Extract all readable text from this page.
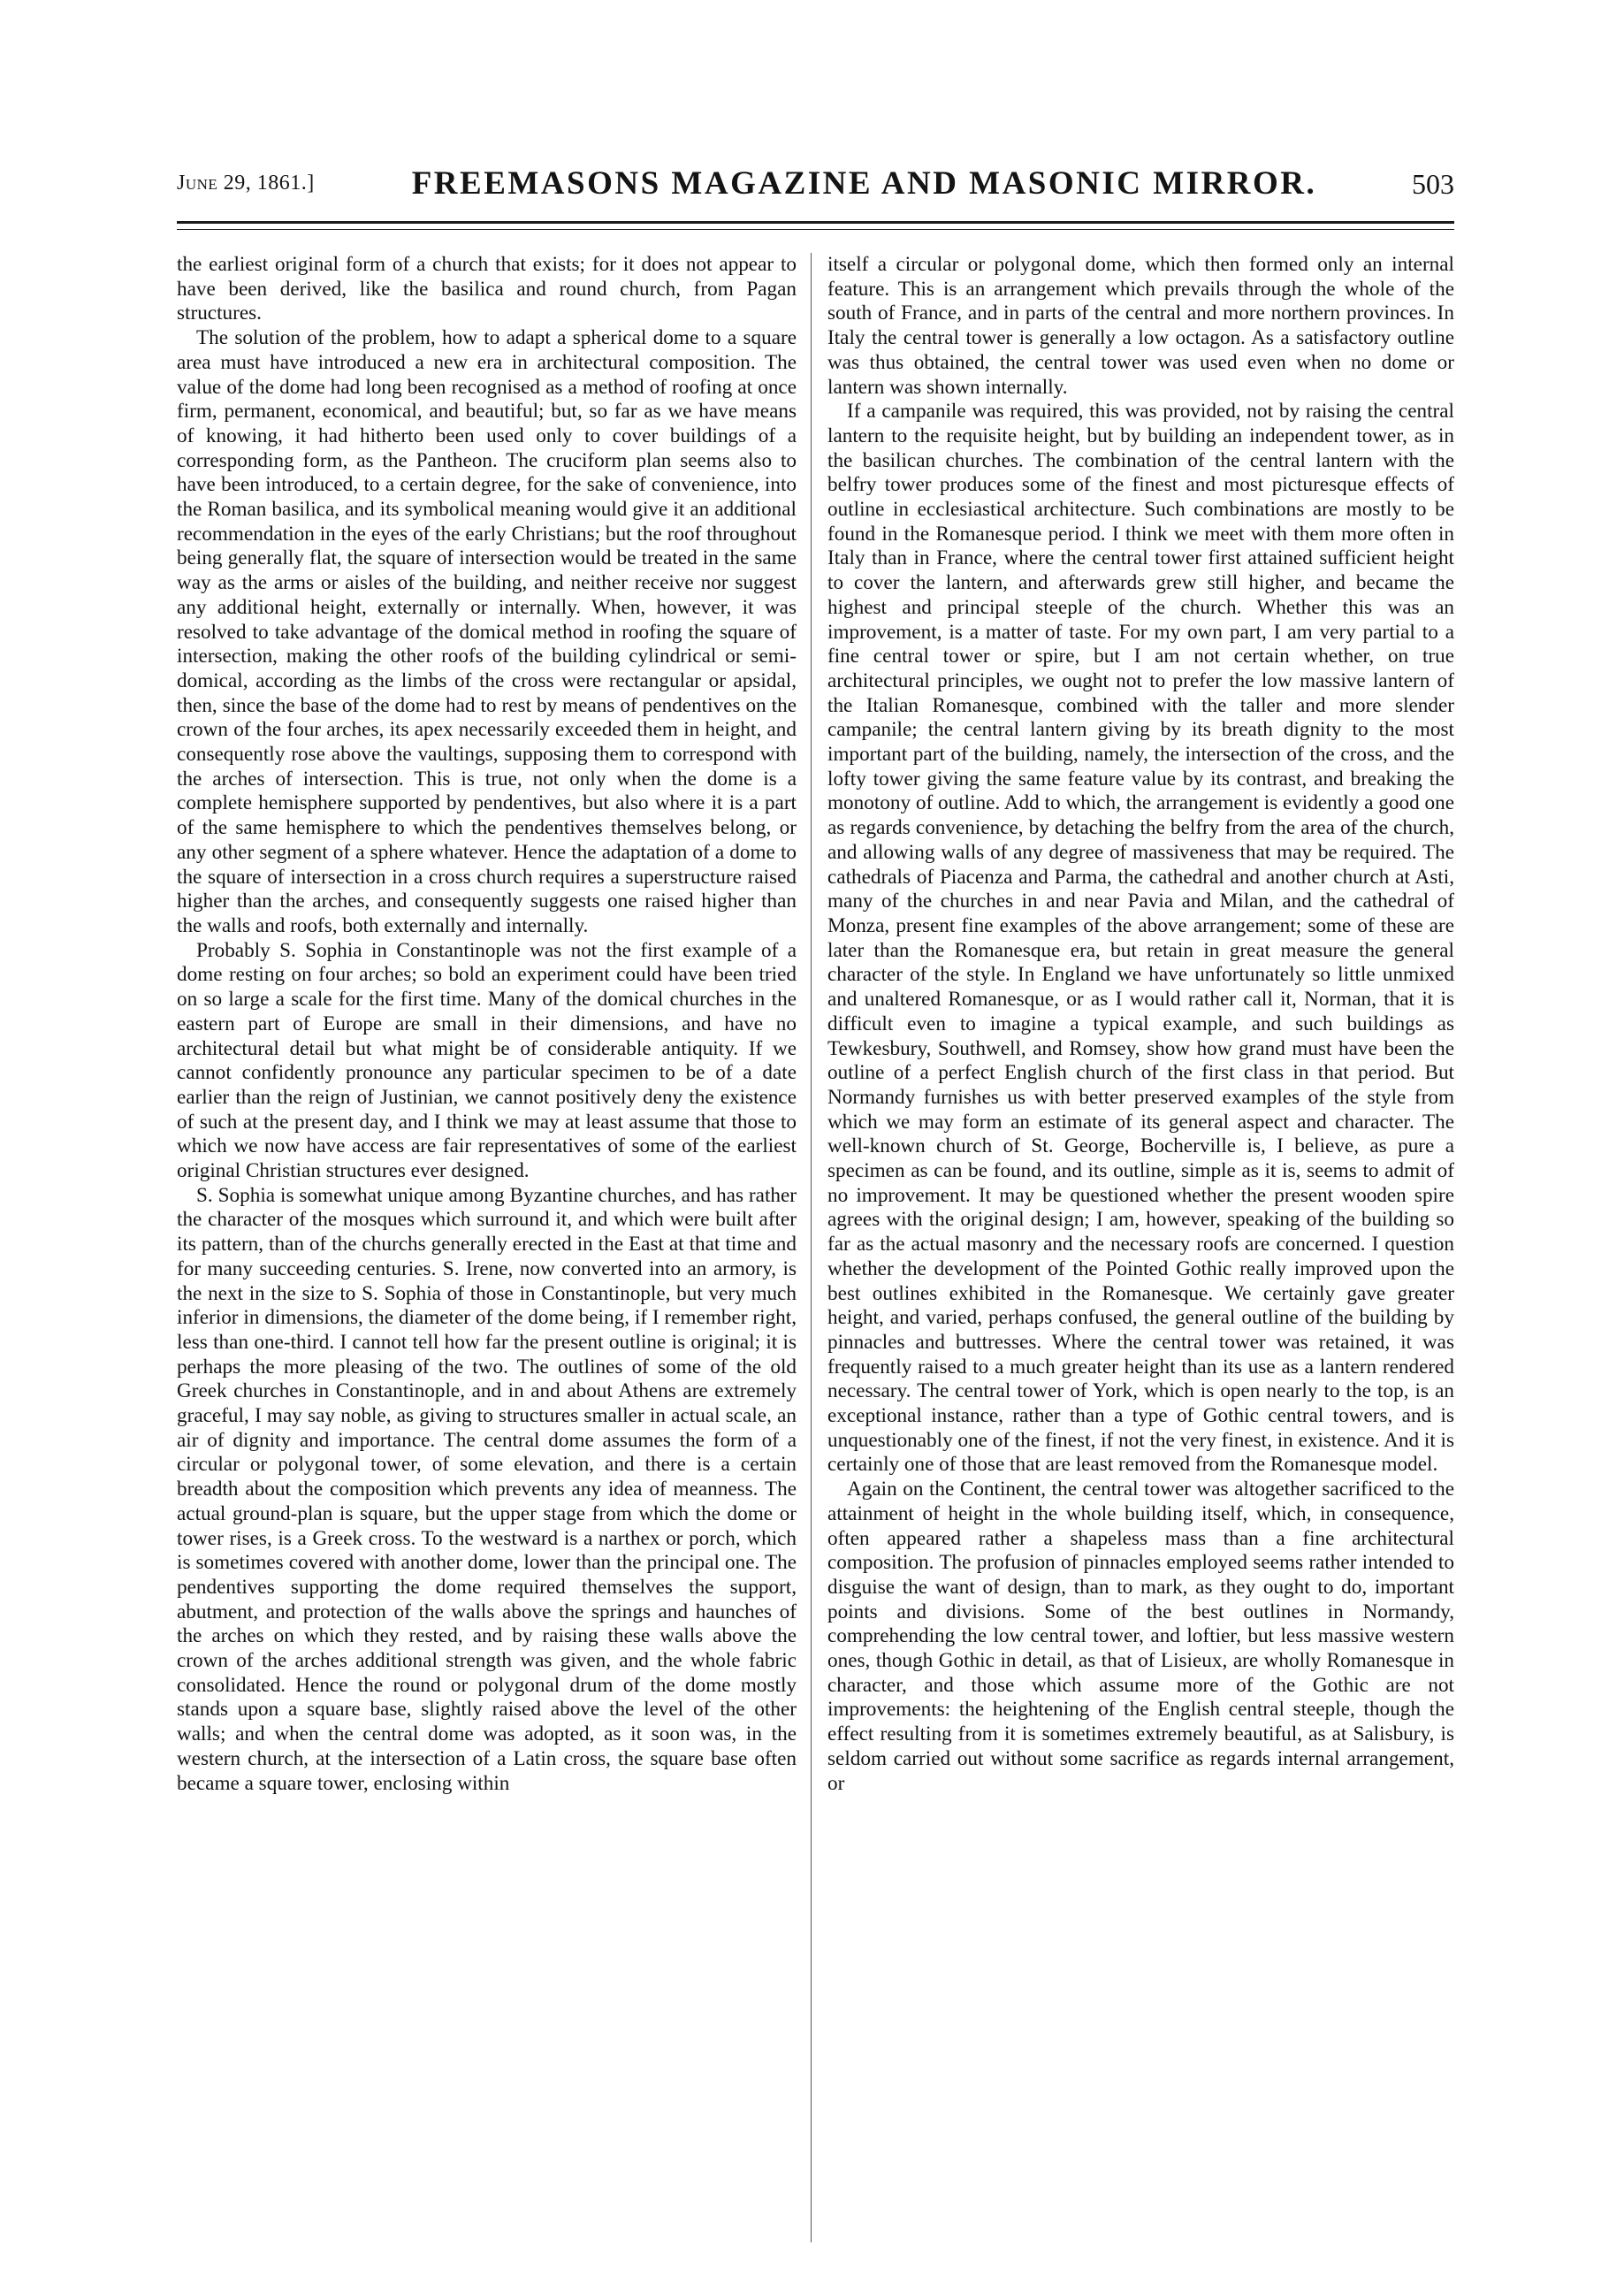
June 29, 1861.]	FREEMASONS MAGAZINE AND MASONIC MIRROR.	503

the earliest original form of a church that exists; for it does not appear to have been derived, like the basilica and round church, from Pagan structures.

The solution of the problem, how to adapt a spherical dome to a square area must have introduced a new era in architectural composition. The value of the dome had long been recognised as a method of roofing at once firm, permanent, economical, and beautiful; but, so far as we have means of knowing, it had hitherto been used only to cover buildings of a corresponding form, as the Pantheon. The cruciform plan seems also to have been introduced, to a certain degree, for the sake of convenience, into the Roman basilica, and its symbolical meaning would give it an additional recommendation in the eyes of the early Christians; but the roof throughout being generally flat, the square of intersection would be treated in the same way as the arms or aisles of the building, and neither receive nor suggest any additional height, externally or internally. When, however, it was resolved to take advantage of the domical method in roofing the square of intersection, making the other roofs of the building cylindrical or semi-domical, according as the limbs of the cross were rectangular or apsidal, then, since the base of the dome had to rest by means of pendentives on the crown of the four arches, its apex necessarily exceeded them in height, and consequently rose above the vaultings, supposing them to correspond with the arches of intersection. This is true, not only when the dome is a complete hemisphere supported by pendentives, but also where it is a part of the same hemisphere to which the pendentives themselves belong, or any other segment of a sphere whatever. Hence the adaptation of a dome to the square of intersection in a cross church requires a superstructure raised higher than the arches, and consequently suggests one raised higher than the walls and roofs, both externally and internally.

Probably S. Sophia in Constantinople was not the first example of a dome resting on four arches; so bold an experiment could have been tried on so large a scale for the first time. Many of the domical churches in the eastern part of Europe are small in their dimensions, and have no architectural detail but what might be of considerable antiquity. If we cannot confidently pronounce any particular specimen to be of a date earlier than the reign of Justinian, we cannot positively deny the existence of such at the present day, and I think we may at least assume that those to which we now have access are fair representatives of some of the earliest original Christian structures ever designed.

S. Sophia is somewhat unique among Byzantine churches, and has rather the character of the mosques which surround it, and which were built after its pattern, than of the churchs generally erected in the East at that time and for many succeeding centuries. S. Irene, now converted into an armory, is the next in the size to S. Sophia of those in Constantinople, but very much inferior in dimensions, the diameter of the dome being, if I remember right, less than one-third. I cannot tell how far the present outline is original; it is perhaps the more pleasing of the two. The outlines of some of the old Greek churches in Constantinople, and in and about Athens are extremely graceful, I may say noble, as giving to structures smaller in actual scale, an air of dignity and importance. The central dome assumes the form of a circular or polygonal tower, of some elevation, and there is a certain breadth about the composition which prevents any idea of meanness. The actual ground-plan is square, but the upper stage from which the dome or tower rises, is a Greek cross. To the westward is a narthex or porch, which is sometimes covered with another dome, lower than the principal one. The pendentives supporting the dome required themselves the support, abutment, and protection of the walls above the springs and haunches of the arches on which they rested, and by raising these walls above the crown of the arches additional strength was given, and the whole fabric consolidated. Hence the round or polygonal drum of the dome mostly stands upon a square base, slightly raised above the level of the other walls; and when the central dome was adopted, as it soon was, in the western church, at the intersection of a Latin cross, the square base often became a square tower, enclosing within

itself a circular or polygonal dome, which then formed only an internal feature. This is an arrangement which prevails through the whole of the south of France, and in parts of the central and more northern provinces. In Italy the central tower is generally a low octagon. As a satisfactory outline was thus obtained, the central tower was used even when no dome or lantern was shown internally.

If a campanile was required, this was provided, not by raising the central lantern to the requisite height, but by building an independent tower, as in the basilican churches. The combination of the central lantern with the belfry tower produces some of the finest and most picturesque effects of outline in ecclesiastical architecture. Such combinations are mostly to be found in the Romanesque period. I think we meet with them more often in Italy than in France, where the central tower first attained sufficient height to cover the lantern, and afterwards grew still higher, and became the highest and principal steeple of the church. Whether this was an improvement, is a matter of taste. For my own part, I am very partial to a fine central tower or spire, but I am not certain whether, on true architectural principles, we ought not to prefer the low massive lantern of the Italian Romanesque, combined with the taller and more slender campanile; the central lantern giving by its breath dignity to the most important part of the building, namely, the intersection of the cross, and the lofty tower giving the same feature value by its contrast, and breaking the monotony of outline. Add to which, the arrangement is evidently a good one as regards convenience, by detaching the belfry from the area of the church, and allowing walls of any degree of massiveness that may be required. The cathedrals of Piacenza and Parma, the cathedral and another church at Asti, many of the churches in and near Pavia and Milan, and the cathedral of Monza, present fine examples of the above arrangement; some of these are later than the Romanesque era, but retain in great measure the general character of the style. In England we have unfortunately so little unmixed and unaltered Romanesque, or as I would rather call it, Norman, that it is difficult even to imagine a typical example, and such buildings as Tewkesbury, Southwell, and Romsey, show how grand must have been the outline of a perfect English church of the first class in that period. But Normandy furnishes us with better preserved examples of the style from which we may form an estimate of its general aspect and character. The well-known church of St. George, Bocherville is, I believe, as pure a specimen as can be found, and its outline, simple as it is, seems to admit of no improvement. It may be questioned whether the present wooden spire agrees with the original design; I am, however, speaking of the building so far as the actual masonry and the necessary roofs are concerned. I question whether the development of the Pointed Gothic really improved upon the best outlines exhibited in the Romanesque. We certainly gave greater height, and varied, perhaps confused, the general outline of the building by pinnacles and buttresses. Where the central tower was retained, it was frequently raised to a much greater height than its use as a lantern rendered necessary. The central tower of York, which is open nearly to the top, is an exceptional instance, rather than a type of Gothic central towers, and is unquestionably one of the finest, if not the very finest, in existence. And it is certainly one of those that are least removed from the Romanesque model.

Again on the Continent, the central tower was altogether sacrificed to the attainment of height in the whole building itself, which, in consequence, often appeared rather a shapeless mass than a fine architectural composition. The profusion of pinnacles employed seems rather intended to disguise the want of design, than to mark, as they ought to do, important points and divisions. Some of the best outlines in Normandy, comprehending the low central tower, and loftier, but less massive western ones, though Gothic in detail, as that of Lisieux, are wholly Romanesque in character, and those which assume more of the Gothic are not improvements: the heightening of the English central steeple, though the effect resulting from it is sometimes extremely beautiful, as at Salisbury, is seldom carried out without some sacrifice as regards internal arrangement, or
